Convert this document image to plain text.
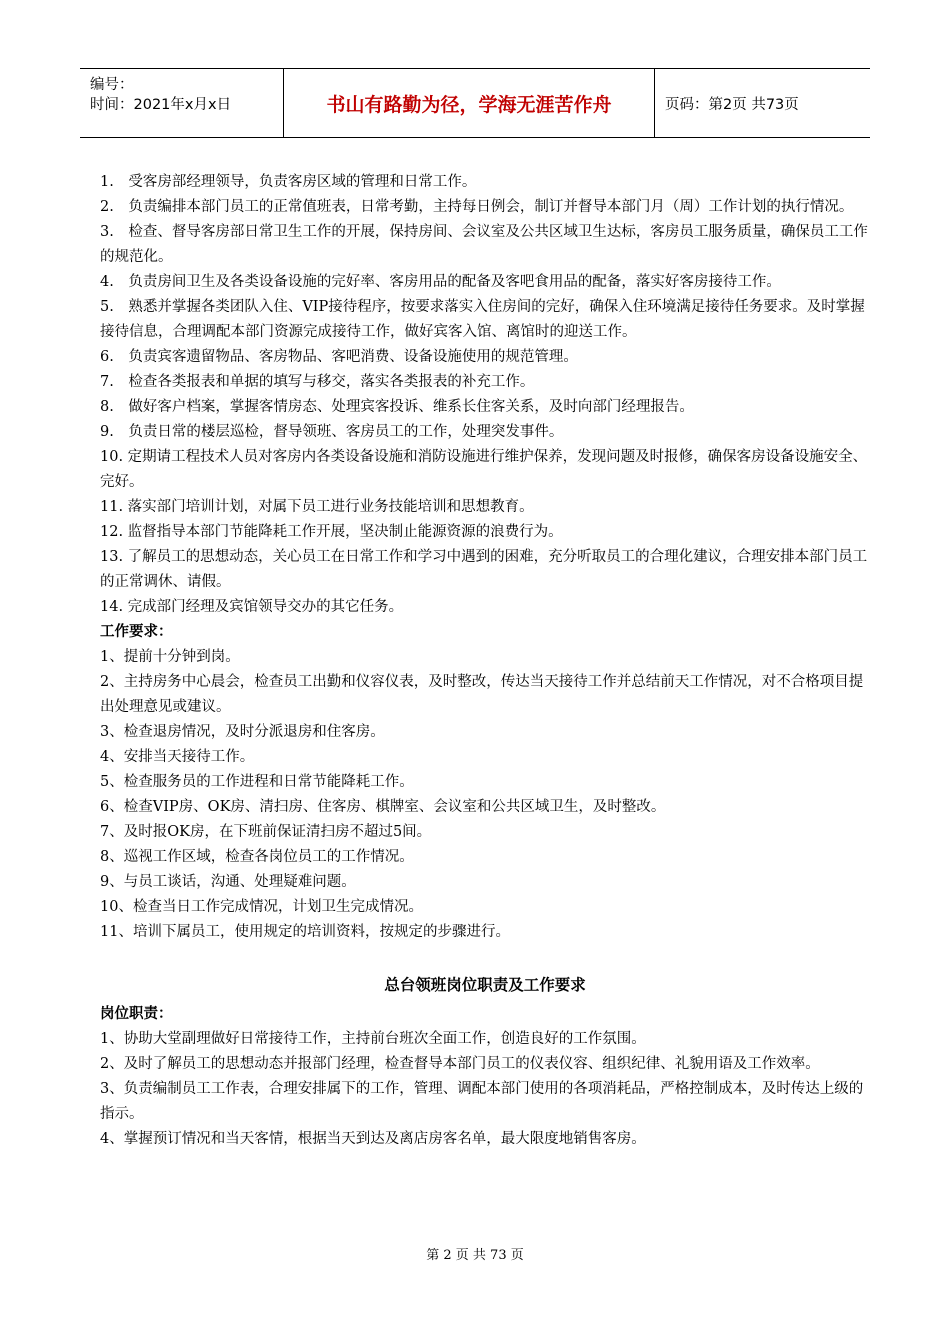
编号：
时间：2021年x月x日	书山有路勤为径，学海无涯苦作舟	页码：第2页 共73页

1.　受客房部经理领导，负责客房区域的管理和日常工作。

2.　负责编排本部门员工的正常值班表，日常考勤，主持每日例会，制订并督导本部门月（周）工作计划的执行情况。

3.　检查、督导客房部日常卫生工作的开展，保持房间、会议室及公共区域卫生达标，客房员工服务质量，确保员工工作的规范化。

4.　负责房间卫生及各类设备设施的完好率、客房用品的配备及客吧食用品的配备，落实好客房接待工作。

5.　熟悉并掌握各类团队入住、VIP接待程序，按要求落实入住房间的完好，确保入住环境满足接待任务要求。及时掌握接待信息，合理调配本部门资源完成接待工作，做好宾客入馆、离馆时的迎送工作。

6.　负责宾客遗留物品、客房物品、客吧消费、设备设施使用的规范管理。

7.　检查各类报表和单据的填写与移交，落实各类报表的补充工作。

8.　做好客户档案，掌握客情房态、处理宾客投诉、维系长住客关系，及时向部门经理报告。

9.　负责日常的楼层巡检，督导领班、客房员工的工作，处理突发事件。

10. 定期请工程技术人员对客房内各类设备设施和消防设施进行维护保养，发现问题及时报修，确保客房设备设施安全、完好。

11. 落实部门培训计划，对属下员工进行业务技能培训和思想教育。

12. 监督指导本部门节能降耗工作开展，坚决制止能源资源的浪费行为。

13. 了解员工的思想动态，关心员工在日常工作和学习中遇到的困难，充分听取员工的合理化建议，合理安排本部门员工的正常调休、请假。

14. 完成部门经理及宾馆领导交办的其它任务。

工作要求：

1、提前十分钟到岗。

2、主持房务中心晨会，检查员工出勤和仪容仪表，及时整改，传达当天接待工作并总结前天工作情况，对不合格项目提出处理意见或建议。

3、检查退房情况，及时分派退房和住客房。

4、安排当天接待工作。

5、检查服务员的工作进程和日常节能降耗工作。

6、检查VIP房、OK房、清扫房、住客房、棋牌室、会议室和公共区域卫生，及时整改。

7、及时报OK房，在下班前保证清扫房不超过5间。

8、巡视工作区域，检查各岗位员工的工作情况。

9、与员工谈话，沟通、处理疑难问题。

10、检查当日工作完成情况，计划卫生完成情况。

11、培训下属员工，使用规定的培训资料，按规定的步骤进行。

总台领班岗位职责及工作要求

岗位职责：

1、协助大堂副理做好日常接待工作，主持前台班次全面工作，创造良好的工作氛围。

2、及时了解员工的思想动态并报部门经理，检查督导本部门员工的仪表仪容、组织纪律、礼貌用语及工作效率。

3、负责编制员工工作表，合理安排属下的工作，管理、调配本部门使用的各项消耗品，严格控制成本，及时传达上级的指示。

4、掌握预订情况和当天客情，根据当天到达及离店房客名单，最大限度地销售客房。

第 2 页 共 73 页
